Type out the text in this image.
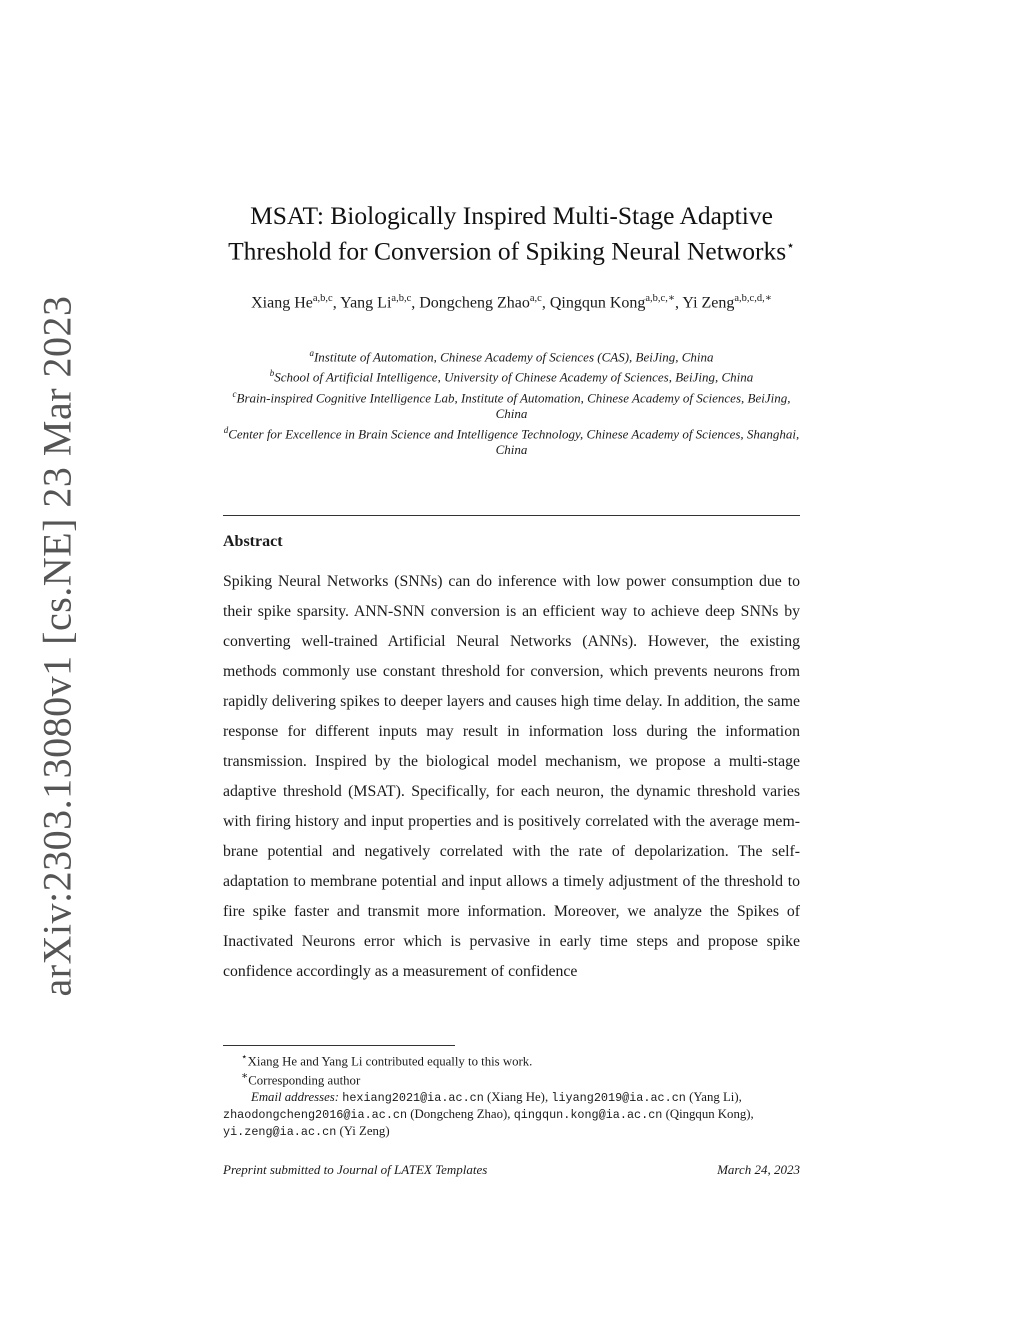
arXiv:2303.13080v1 [cs.NE] 23 Mar 2023
MSAT: Biologically Inspired Multi-Stage Adaptive
Threshold for Conversion of Spiking Neural Networks⋆
Xiang He$^{a,b,c}$, Yang Li$^{a,b,c}$, Dongcheng Zhao$^{a,c}$, Qingqun Kong$^{a,b,c,∗}$, Yi Zeng$^{a,b,c,d,∗}$
$^a$Institute of Automation, Chinese Academy of Sciences (CAS), BeiJing, China
$^b$School of Artificial Intelligence, University of Chinese Academy of Sciences, BeiJing, China
$^c$Brain-inspired Cognitive Intelligence Lab, Institute of Automation, Chinese Academy of Sciences, BeiJing, China
$^d$Center for Excellence in Brain Science and Intelligence Technology, Chinese Academy of Sciences, Shanghai, China
Abstract
Spiking Neural Networks (SNNs) can do inference with low power consumption due to their spike sparsity. ANN-SNN conversion is an efficient way to achieve deep SNNs by converting well-trained Artificial Neural Networks (ANNs). However, the existing methods commonly use constant threshold for conversion, which prevents neurons from rapidly delivering spikes to deeper layers and causes high time delay. In addition, the same response for different inputs may result in information loss during the information transmission. Inspired by the biological model mechanism, we propose a multi-stage adaptive threshold (MSAT). Specifically, for each neuron, the dynamic threshold varies with firing history and input properties and is positively correlated with the average membrane potential and negatively correlated with the rate of depolarization. The self-adaptation to membrane potential and input allows a timely adjustment of the threshold to fire spike faster and transmit more information. Moreover, we analyze the Spikes of Inactivated Neurons error which is pervasive in early time steps and propose spike confidence accordingly as a measurement of confidence
⋆Xiang He and Yang Li contributed equally to this work.
∗Corresponding author
Email addresses: hexiang2021@ia.ac.cn (Xiang He), liyang2019@ia.ac.cn (Yang Li), zhaodongcheng2016@ia.ac.cn (Dongcheng Zhao), qingqun.kong@ia.ac.cn (Qingqun Kong), yi.zeng@ia.ac.cn (Yi Zeng)
Preprint submitted to Journal of LATEX Templates	March 24, 2023
